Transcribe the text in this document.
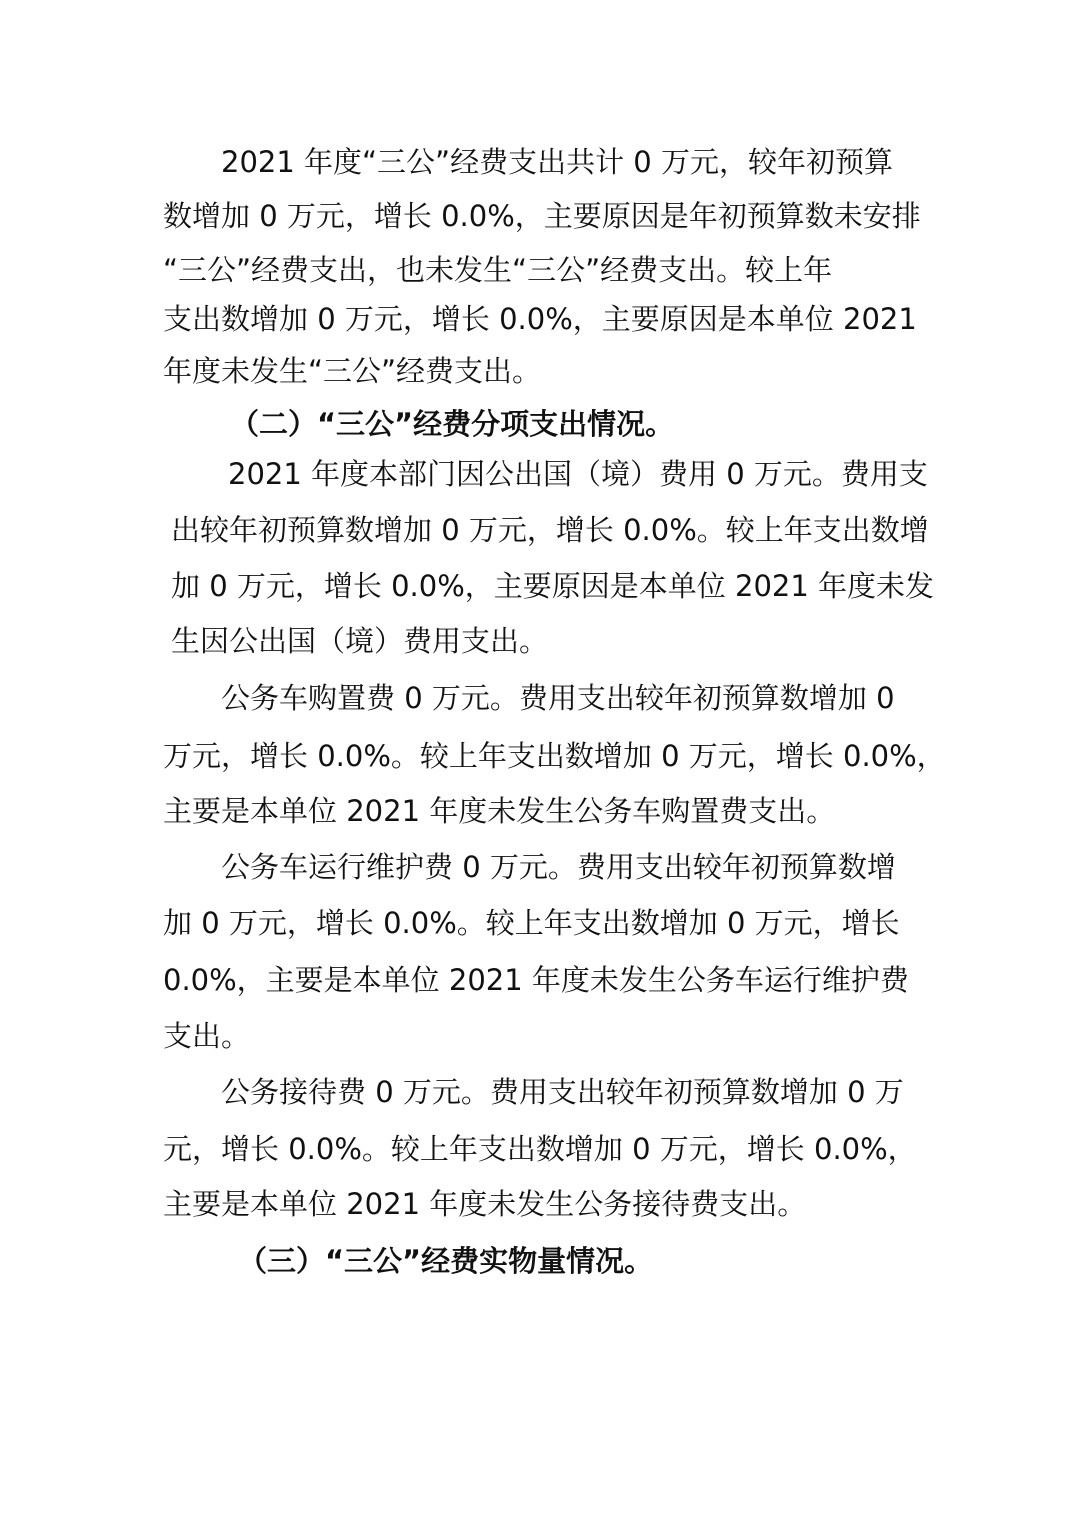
2021 年度“三公”经费支出共计 0 万元，较年初预算
数增加 0 万元，增长 0.0%，主要原因是年初预算数未安排
“三公”经费支出，也未发生“三公”经费支出。较上年
支出数增加 0 万元，增长 0.0%，主要原因是本单位 2021
年度未发生“三公”经费支出。
（二）“三公”经费分项支出情况。
2021 年度本部门因公出国（境）费用 0 万元。费用支
出较年初预算数增加 0 万元，增长 0.0%。较上年支出数增
加 0 万元，增长 0.0%，主要原因是本单位 2021 年度未发
生因公出国（境）费用支出。
公务车购置费 0 万元。费用支出较年初预算数增加 0
万元，增长 0.0%。较上年支出数增加 0 万元，增长 0.0%，
主要是本单位 2021 年度未发生公务车购置费支出。
公务车运行维护费 0 万元。费用支出较年初预算数增
加 0 万元，增长 0.0%。较上年支出数增加 0 万元，增长
0.0%，主要是本单位 2021 年度未发生公务车运行维护费
支出。
公务接待费 0 万元。费用支出较年初预算数增加 0 万
元，增长 0.0%。较上年支出数增加 0 万元，增长 0.0%，
主要是本单位 2021 年度未发生公务接待费支出。
（三）“三公”经费实物量情况。
